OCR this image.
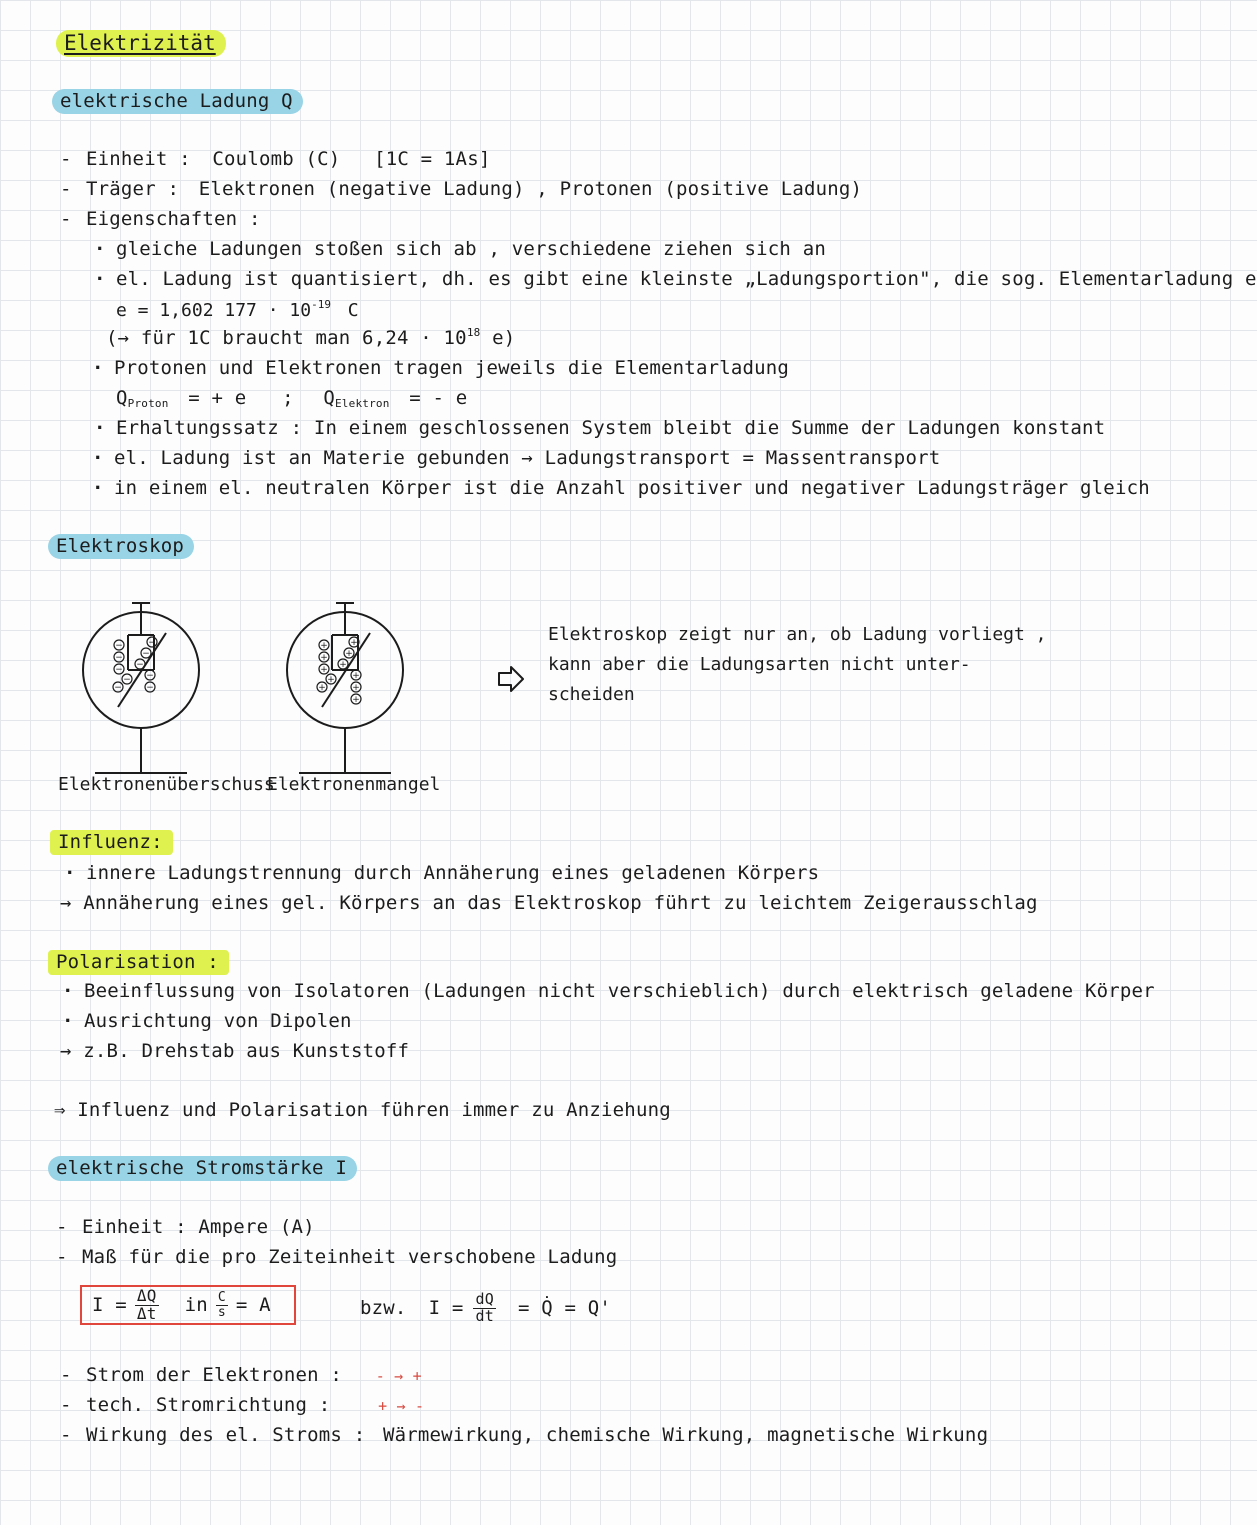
Elektrizität
elektrische Ladung Q
- Einheit : Coulomb (C) [1C = 1As]
- Träger : Elektronen (negative Ladung) , Protonen (positive Ladung)
- Eigenschaften :
· gleiche Ladungen stoßen sich ab , verschiedene ziehen sich an
· el. Ladung ist quantisiert, dh. es gibt eine kleinste „Ladungsportion", die sog. Elementarladung e
e = 1,602 $177 \cdot 10^{-19}$ C
(→ für 1C braucht man $6,24 \cdot 10^{18}$ e)
· Protonen und Elektronen tragen jeweils die Elementarladung
$Q_{Proton}$ = + e ; $Q_{Elektron}$ = - e
· Erhaltungssatz : In einem geschlossenen System bleibt die Summe der Ladungen konstant
· el. Ladung ist an Materie gebunden → Ladungstransport = Massentransport
· in einem el. neutralen Körper ist die Anzahl positiver und negativer Ladungsträger gleich
Elektroskop
−
−
−
−
−
−
−
− −
−
+
+
+
+
+
+
+
+ +
+
+
Elektroskop zeigt nur an, ob Ladung vorliegt ,
kann aber die Ladungsarten nicht unter-
scheiden
Elektronenüberschuss
Elektronenmangel
Influenz:
· innere Ladungstrennung durch Annäherung eines geladenen Körpers
→ Annäherung eines gel. Körpers an das Elektroskop führt zu leichtem Zeigerausschlag
Polarisation :
· Beeinflussung von Isolatoren (Ladungen nicht verschieblich) durch elektrisch geladene Körper
· Ausrichtung von Dipolen
→ z.B. Drehstab aus Kunststoff
⇒ Influenz und Polarisation führen immer zu Anziehung
elektrische Stromstärke I
- Einheit : Ampere (A)
- Maß für die pro Zeiteinheit verschobene Ladung
$I = \frac{\Delta Q}{\Delta t}$ in $\frac{C}{s} = A$	bzw. $I = \frac{dQ}{dt}$ = Q̇ = Q'
- Strom der Elektronen : - → +
- tech. Stromrichtung :	+ → -
- Wirkung des el. Stroms : Wärmewirkung, chemische Wirkung, magnetische Wirkung
